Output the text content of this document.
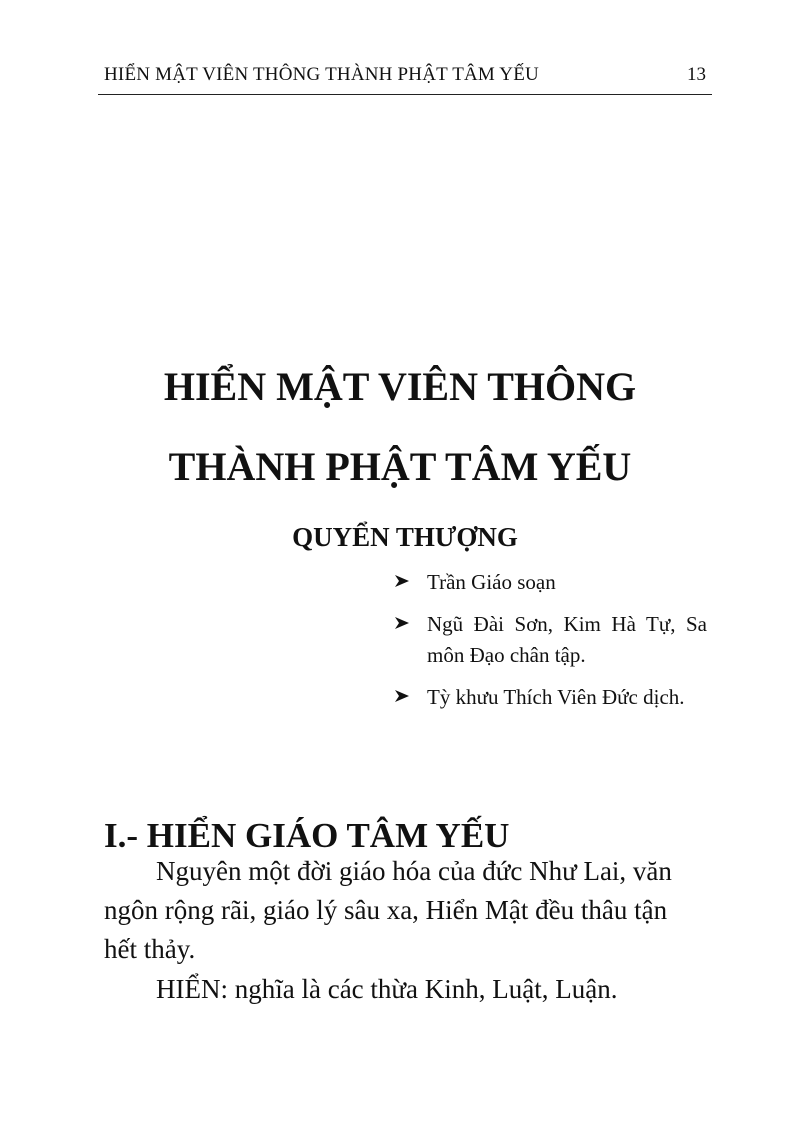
HIỂN MẬT VIÊN THÔNG THÀNH PHẬT TÂM YẾU	13
HIỂN MẬT VIÊN THÔNG
THÀNH PHẬT TÂM YẾU
QUYỂN THƯỢNG
Trần Giáo soạn
Ngũ Đài Sơn, Kim Hà Tự, Sa môn Đạo chân tập.
Tỳ khưu Thích Viên Đức dịch.
I.- HIỂN GIÁO TÂM YẾU

Nguyên một đời giáo hóa của đức Như Lai, văn ngôn rộng rãi, giáo lý sâu xa, Hiển Mật đều thâu tận hết thảy.

HIỂN: nghĩa là các thừa Kinh, Luật, Luận.
